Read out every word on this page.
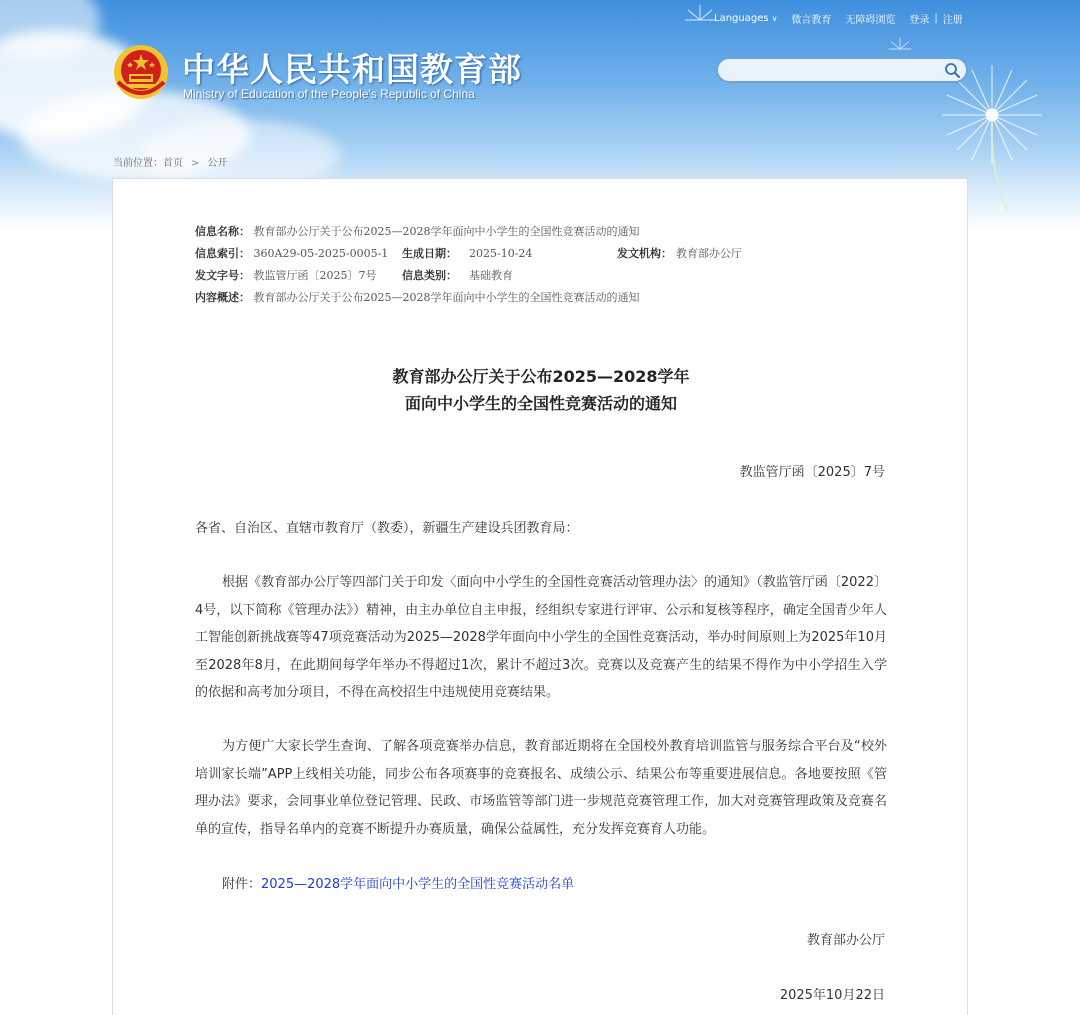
Languages ∨ 微言教育 无障碍浏览 登录 | 注册
中华人民共和国教育部
Ministry of Education of the People's Republic of China
当前位置：首页 > 公开
信息名称： 教育部办公厅关于公布2025—2028学年面向中小学生的全国性竞赛活动的通知
信息索引： 360A29-05-2025-0005-1 生成日期： 2025-10-24	发文机构： 教育部办公厅
发文字号： 教监管厅函〔2025〕7号 信息类别： 基础教育
内容概述： 教育部办公厅关于公布2025—2028学年面向中小学生的全国性竞赛活动的通知
教育部办公厅关于公布2025—2028学年
面向中小学生的全国性竞赛活动的通知
教监管厅函〔2025〕7号
各省、自治区、直辖市教育厅（教委），新疆生产建设兵团教育局：

根据《教育部办公厅等四部门关于印发〈面向中小学生的全国性竞赛活动管理办法〉的通知》（教监管厅函〔2022〕4号，以下简称《管理办法》）精神，由主办单位自主申报，经组织专家进行评审、公示和复核等程序，确定全国青少年人工智能创新挑战赛等47项竞赛活动为2025—2028学年面向中小学生的全国性竞赛活动，举办时间原则上为2025年10月至2028年8月，在此期间每学年举办不得超过1次，累计不超过3次。竞赛以及竞赛产生的结果不得作为中小学招生入学的依据和高考加分项目，不得在高校招生中违规使用竞赛结果。

为方便广大家长学生查询、了解各项竞赛举办信息，教育部近期将在全国校外教育培训监管与服务综合平台及“校外培训家长端”APP上线相关功能，同步公布各项赛事的竞赛报名、成绩公示、结果公布等重要进展信息。各地要按照《管理办法》要求，会同事业单位登记管理、民政、市场监管等部门进一步规范竞赛管理工作，加大对竞赛管理政策及竞赛名单的宣传，指导名单内的竞赛不断提升办赛质量，确保公益属性，充分发挥竞赛育人功能。

附件：2025—2028学年面向中小学生的全国性竞赛活动名单
教育部办公厅
2025年10月22日
